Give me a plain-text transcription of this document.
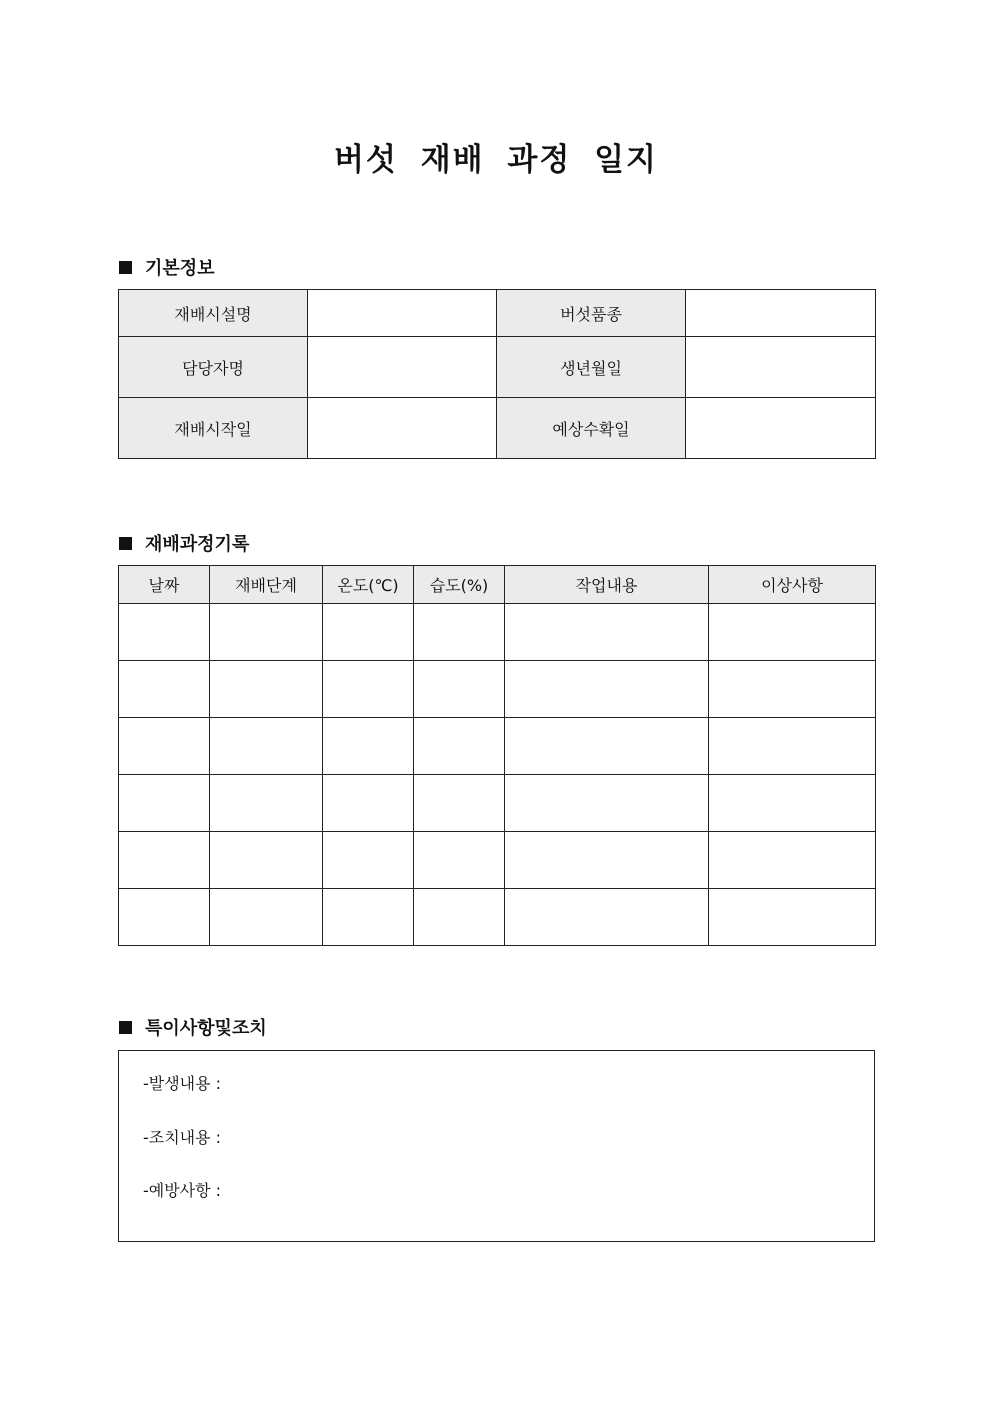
버섯 재배 과정 일지
기본정보
재배시설명		버섯품종	
담당자명		생년월일	
재배시작일		예상수확일	
재배과정기록
날짜	재배단계	온도(℃)	습도(%)	작업내용	이상사항

특이사항및조치
-발생내용 :
-조치내용 :
-예방사항 :
